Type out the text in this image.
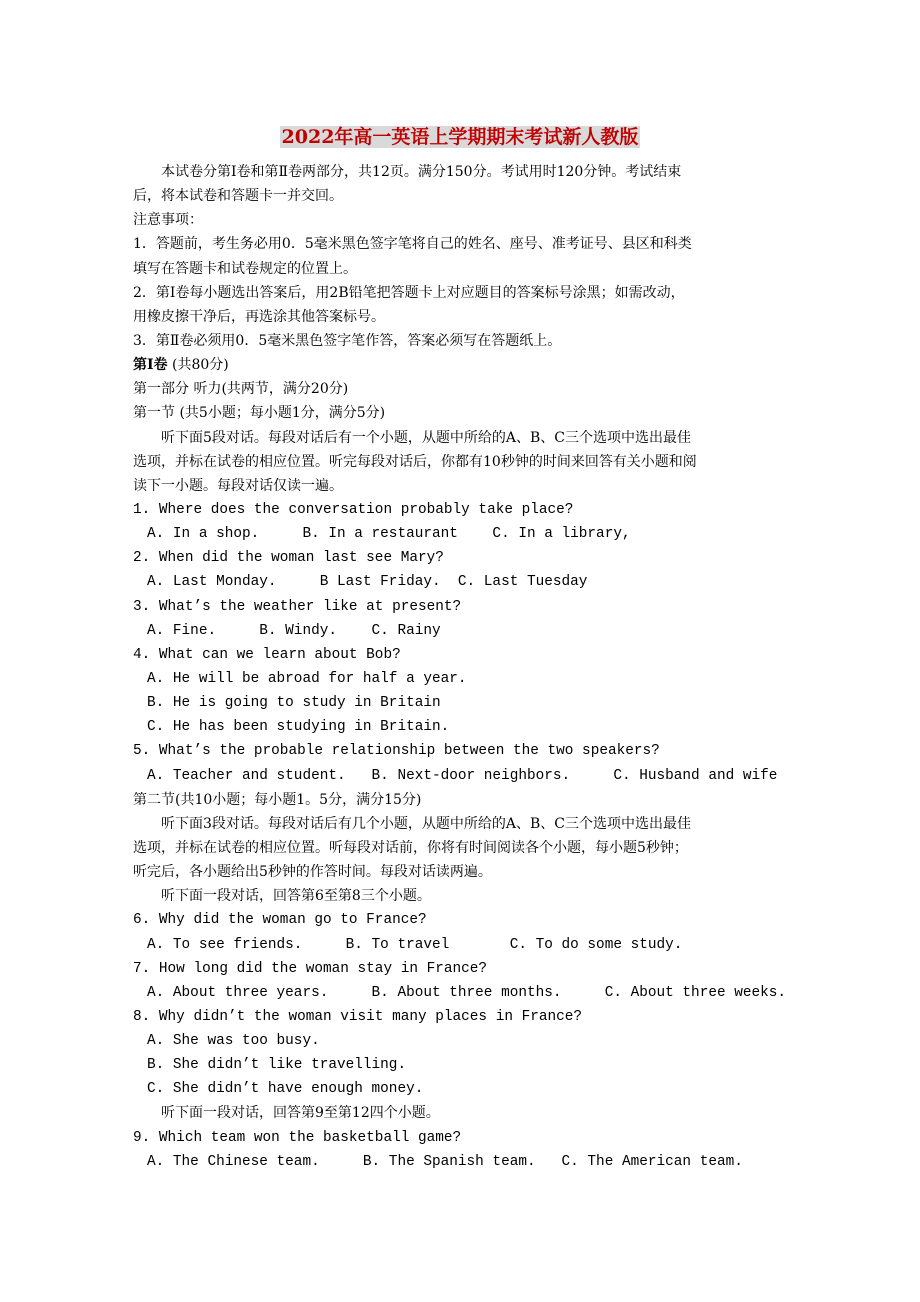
2022年高一英语上学期期末考试新人教版
本试卷分第Ⅰ卷和第Ⅱ卷两部分，共12页。满分150分。考试用时120分钟。考试结束
后，将本试卷和答题卡一并交回。
注意事项：
1．答题前，考生务必用0．5毫米黑色签字笔将自己的姓名、座号、准考证号、县区和科类
填写在答题卡和试卷规定的位置上。
2．第Ⅰ卷每小题选出答案后，用2B铅笔把答题卡上对应题目的答案标号涂黑；如需改动，
用橡皮擦干净后，再选涂其他答案标号。
3．第Ⅱ卷必须用0．5毫米黑色签字笔作答，答案必须写在答题纸上。
第Ⅰ卷 (共80分)
第一部分 听力(共两节，满分20分)
第一节 (共5小题；每小题1分，满分5分)
听下面5段对话。每段对话后有一个小题，从题中所给的A、B、C三个选项中选出最佳
选项，并标在试卷的相应位置。听完每段对话后，你都有10秒钟的时间来回答有关小题和阅
读下一小题。每段对话仅读一遍。
1. Where does the conversation probably take place?
A. In a shop.     B. In a restaurant    C. In a library,
2. When did the woman last see Mary?
A. Last Monday.     B Last Friday.  C. Last Tuesday
3. What’s the weather like at present?
A. Fine.     B. Windy.    C. Rainy
4. What can we learn about Bob?
A. He will be abroad for half a year.
B. He is going to study in Britain
C. He has been studying in Britain.
5. What’s the probable relationship between the two speakers?
A. Teacher and student.   B. Next-door neighbors.     C. Husband and wife
第二节(共10小题；每小题1。5分，满分15分)
听下面3段对话。每段对话后有几个小题，从题中所给的A、B、C三个选项中选出最佳
选项，并标在试卷的相应位置。听每段对话前，你将有时间阅读各个小题，每小题5秒钟；
听完后，各小题给出5秒钟的作答时间。每段对话读两遍。
听下面一段对话，回答第6至第8三个小题。
6. Why did the woman go to France?
A. To see friends.     B. To travel       C. To do some study.
7. How long did the woman stay in France?
A. About three years.     B. About three months.     C. About three weeks.
8. Why didn’t the woman visit many places in France?
A. She was too busy.
B. She didn’t like travelling.
C. She didn’t have enough money.
听下面一段对话，回答第9至第12四个小题。
9. Which team won the basketball game?
A. The Chinese team.     B. The Spanish team.   C. The American team.
